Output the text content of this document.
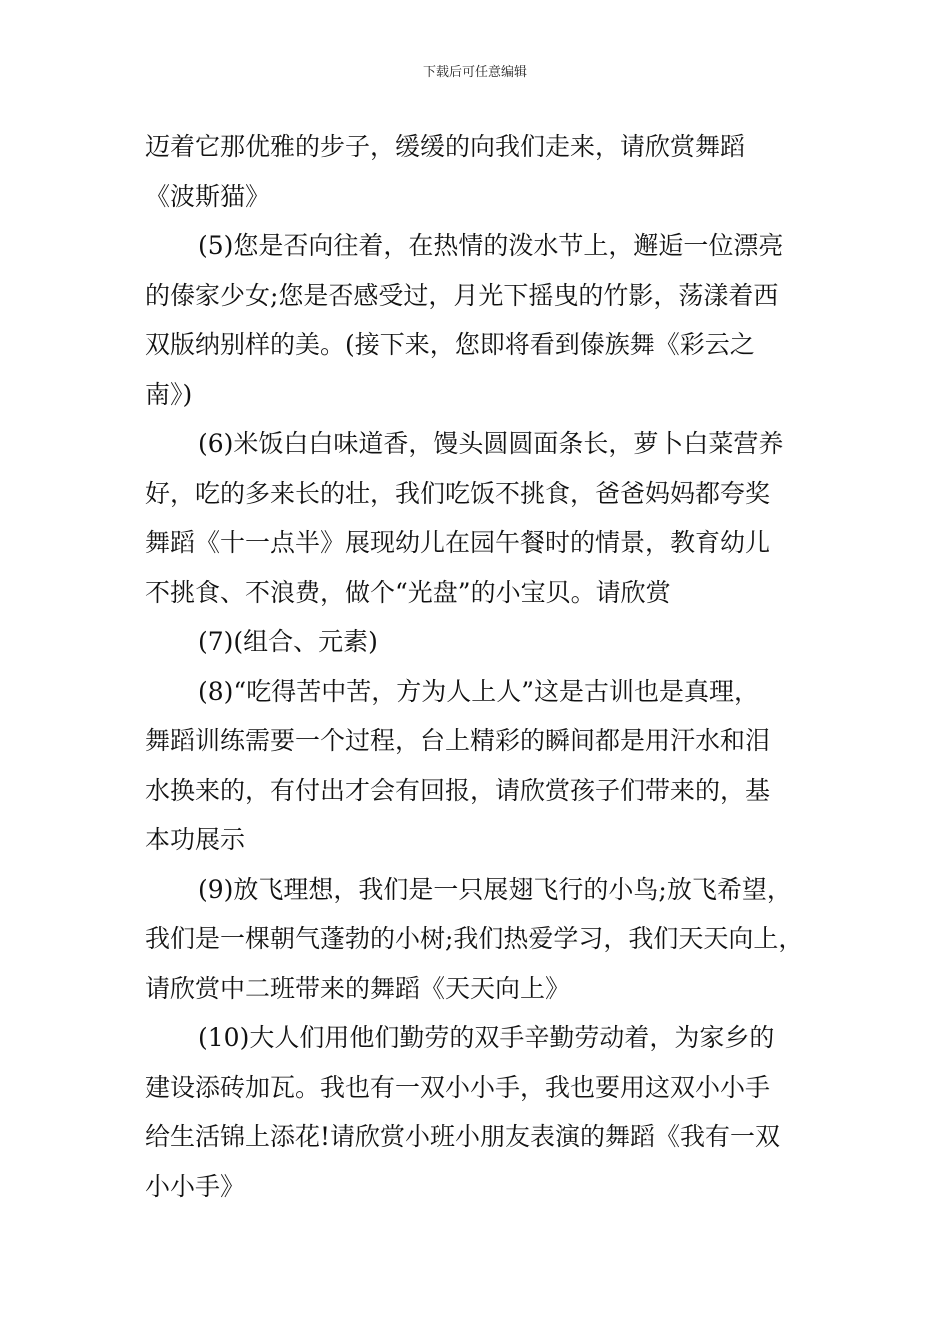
下载后可任意编辑
迈着它那优雅的步子，缓缓的向我们走来，请欣赏舞蹈
《波斯猫》
(5)您是否向往着，在热情的泼水节上，邂逅一位漂亮
的傣家少女;您是否感受过，月光下摇曳的竹影，荡漾着西
双版纳别样的美。(接下来，您即将看到傣族舞《彩云之
南》)
(6)米饭白白味道香，馒头圆圆面条长，萝卜白菜营养
好，吃的多来长的壮，我们吃饭不挑食，爸爸妈妈都夸奖
舞蹈《十一点半》展现幼儿在园午餐时的情景，教育幼儿
不挑食、不浪费，做个“光盘”的小宝贝。请欣赏
(7)(组合、元素)
(8)“吃得苦中苦，方为人上人”这是古训也是真理，
舞蹈训练需要一个过程，台上精彩的瞬间都是用汗水和泪
水换来的，有付出才会有回报，请欣赏孩子们带来的，基
本功展示
(9)放飞理想，我们是一只展翅飞行的小鸟;放飞希望，
我们是一棵朝气蓬勃的小树;我们热爱学习，我们天天向上，
请欣赏中二班带来的舞蹈《天天向上》
(10)大人们用他们勤劳的双手辛勤劳动着，为家乡的
建设添砖加瓦。我也有一双小小手，我也要用这双小小手
给生活锦上添花!请欣赏小班小朋友表演的舞蹈《我有一双
小小手》
